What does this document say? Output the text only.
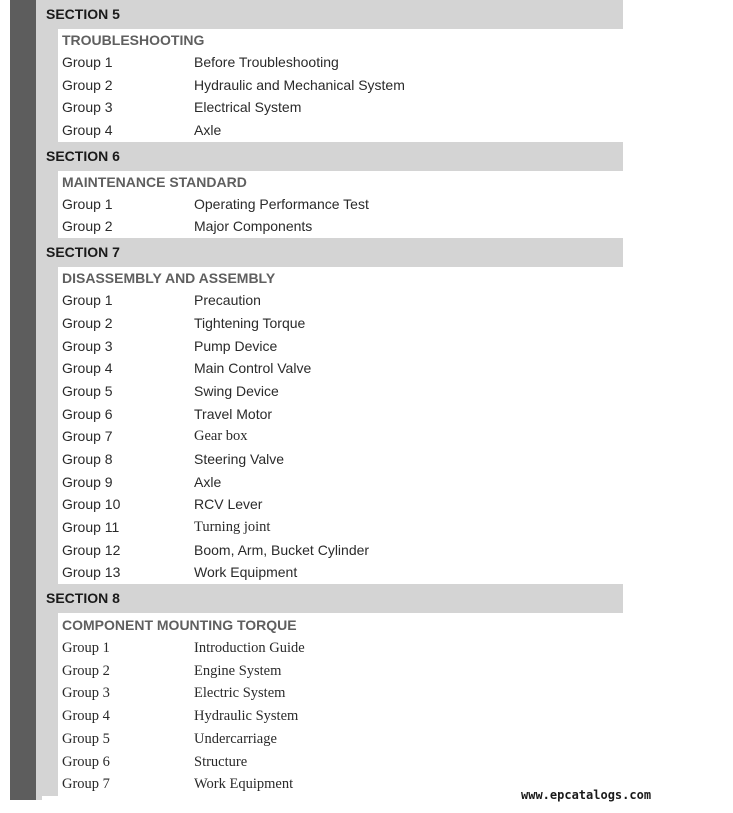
SECTION 5
TROUBLESHOOTING
Group 1	Before Troubleshooting
Group 2	Hydraulic and Mechanical System
Group 3	Electrical System
Group 4	Axle
SECTION 6
MAINTENANCE STANDARD
Group 1	Operating Performance Test
Group 2	Major Components
SECTION 7
DISASSEMBLY AND ASSEMBLY
Group 1	Precaution
Group 2	Tightening Torque
Group 3	Pump Device
Group 4	Main Control Valve
Group 5	Swing Device
Group 6	Travel Motor
Group 7	Gear box
Group 8	Steering Valve
Group 9	Axle
Group 10	RCV Lever
Group 11	Turning joint
Group 12	Boom, Arm, Bucket Cylinder
Group 13	Work Equipment
SECTION 8
COMPONENT MOUNTING TORQUE
Group 1	Introduction Guide
Group 2	Engine System
Group 3	Electric System
Group 4	Hydraulic System
Group 5	Undercarriage
Group 6	Structure
Group 7	Work Equipment
www.epcatalogs.com
